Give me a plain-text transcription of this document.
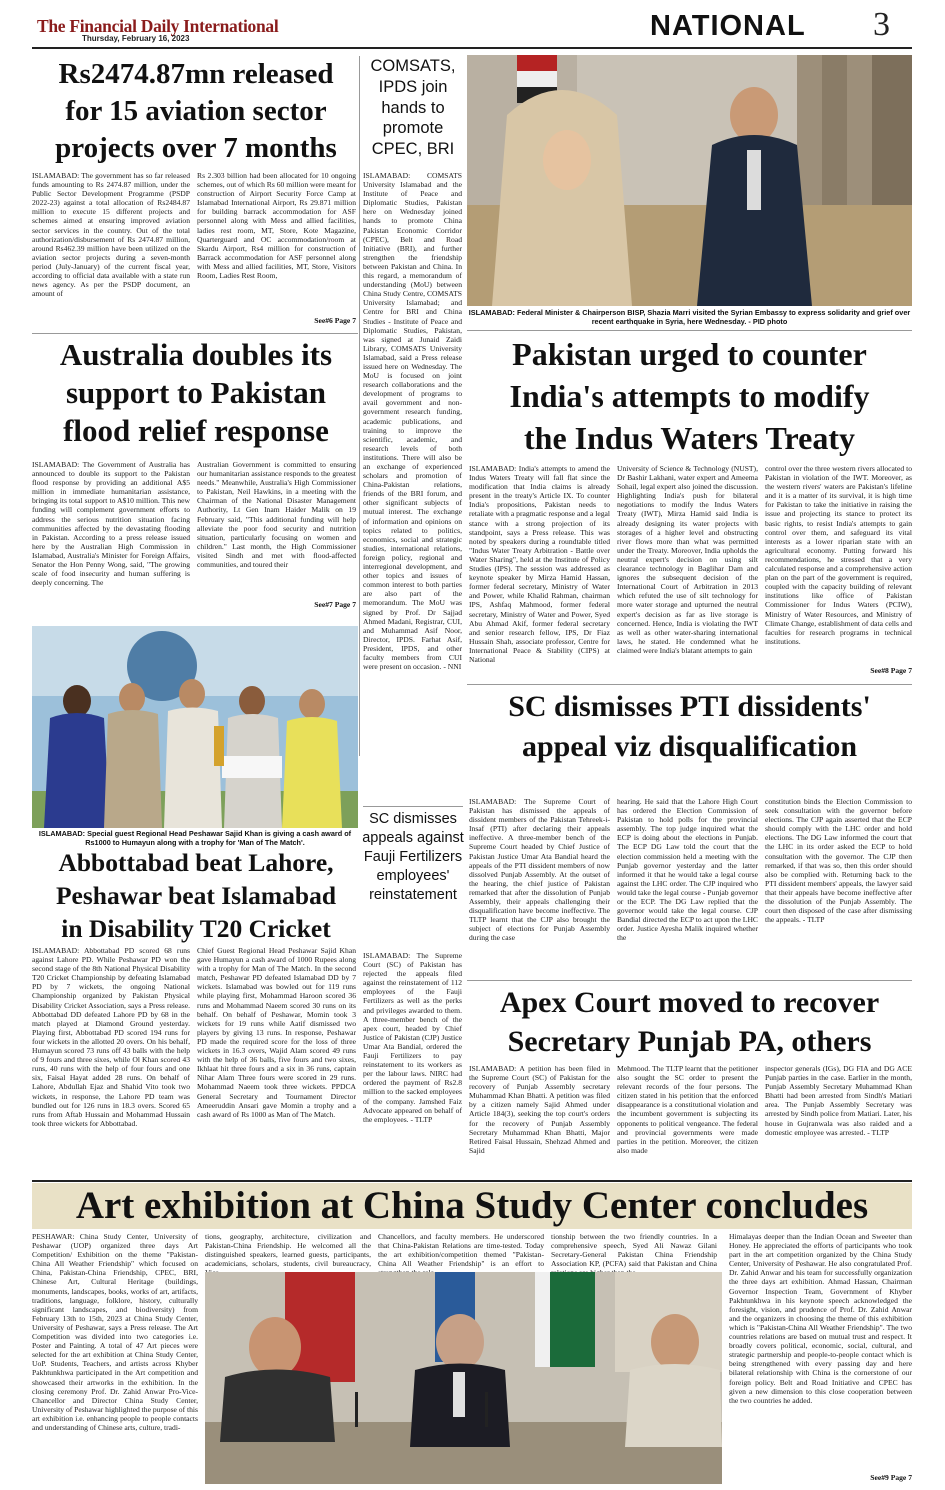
The Financial Daily International
Thursday, February 16, 2023	NATIONAL 3
Rs2474.87mn released
for 15 aviation sector
projects over 7 months
ISLAMABAD: The government has so far released funds amounting to Rs 2474.87 million, under the Public Sector Development Programme (PSDP 2022-23) against a total allocation of Rs2484.87 million to execute 15 different projects and schemes aimed at ensuring improved aviation sector services in the country. Out of the total authorization/disbursement of Rs 2474.87 million, around Rs462.39 million have been utilized on the aviation sector projects during a seven-month period (July-January) of the current fiscal year, according to official data available with a state run news agency. As per the PSDP document, an amount of
Rs 2.303 billion had been allocated for 10 ongoing schemes, out of which Rs 60 million were meant for construction of Airport Security Force Camp at Islamabad International Airport, Rs 29.871 million for building barrack accommodation for ASF personnel along with Mess and allied facilities, ladies rest room, MT, Store, Kote Magazine, Quarterguard and OC accommodation/room at Skardu Airport, Rs4 million for construction of Barrack accommodation for ASF personnel along with Mess and allied facilities, MT, Store, Visitors Room, Ladies Rest Room,
See#6 Page 7
COMSATS, IPDS join hands to promote CPEC, BRI
ISLAMABAD: COMSATS University Islamabad and the Institute of Peace and Diplomatic Studies, Pakistan here on Wednesday joined hands to promote China Pakistan Economic Corridor (CPEC), Belt and Road Initiative (BRI), and further strengthen the friendship between Pakistan and China. In this regard, a memorandum of understanding (MoU) between China Study Centre, COMSATS University Islamabad; and Centre for BRI and China Studies - Institute of Peace and Diplomatic Studies, Pakistan, was signed at Junaid Zaidi Library, COMSATS University Islamabad, said a Press release issued here on Wednesday. The MoU is focused on joint research collaborations and the development of programs to avail government and non-government research funding, academic publications, and training to improve the scientific, academic, and research levels of both institutions. There will also be an exchange of experienced scholars and promotion of China-Pakistan relations, friends of the BRI forum, and other significant subjects of mutual interest. The exchange of information and opinions on topics related to politics, economics, social and strategic studies, international relations, foreign policy, regional and interregional development, and other topics and issues of common interest to both parties are also part of the memorandum. The MoU was signed by Prof. Dr Sajjad Ahmed Madani, Registrar, CUI, and Muhammad Asif Noor, Director, IPDS. Farhat Asif, President, IPDS, and other faculty members from CUI were present on occasion. - NNI
ISLAMABAD: Federal Minister & Chairperson BISP, Shazia Marri visited the Syrian Embassy to express solidarity and grief over recent earthquake in Syria, here Wednesday. - PID photo
Australia doubles its
support to Pakistan
flood relief response
ISLAMABAD: The Government of Australia has announced to double its support to the Pakistan flood response by providing an additional A$5 million in immediate humanitarian assistance, bringing its total support to A$10 million. This new funding will complement government efforts to address the serious nutrition situation facing communities affected by the devastating flooding in Pakistan. According to a press release issued here by the Australian High Commission in Islamabad, Australia's Minister for Foreign Affairs, Senator the Hon Penny Wong, said, "The growing scale of food insecurity and human suffering is deeply concerning. The
Australian Government is committed to ensuring our humanitarian assistance responds to the greatest needs." Meanwhile, Australia's High Commissioner to Pakistan, Neil Hawkins, in a meeting with the Chairman of the National Disaster Management Authority, Lt Gen Inam Haider Malik on 19 February said, "This additional funding will help alleviate the poor food security and nutrition situation, particularly focusing on women and children." Last month, the High Commissioner visited Sindh and met with flood-affected communities, and toured their
See#7 Page 7
ISLAMABAD: Special guest Regional Head Peshawar Sajid Khan is giving a cash award of Rs1000 to Humayun along with a trophy for 'Man of The Match'.
Abbottabad beat Lahore,
Peshawar beat Islamabad
in Disability T20 Cricket
ISLAMABAD: Abbottabad PD scored 68 runs against Lahore PD. While Peshawar PD won the second stage of the 8th National Physical Disability T20 Cricket Championship by defeating Islamabad PD by 7 wickets, the ongoing National Championship organized by Pakistan Physical Disability Cricket Association, says a Press release. Abbottabad DD defeated Lahore PD by 68 in the match played at Diamond Ground yesterday. Playing first, Abbottabad PD scored 194 runs for four wickets in the allotted 20 overs. On his behalf, Humayun scored 73 runs off 43 balls with the help of 9 fours and three sixes, while Ol Khan scored 43 runs, 40 runs with the help of four fours and one six, Faisal Hayat added 28 runs. On behalf of Lahore, Abdullah Ejaz and Shahid Vito took two wickets, in response, the Lahore PD team was bundled out for 126 runs in 18.3 overs. Scored 65 runs from Aftab Hussain and Mohammad Hussain took three wickets for Abbottabad.
Chief Guest Regional Head Peshawar Sajid Khan gave Humayun a cash award of 1000 Rupees along with a trophy for Man of The Match. In the second match, Peshawar PD defeated Islamabad DD by 7 wickets. Islamabad was bowled out for 119 runs while playing first, Mohammad Haroon scored 36 runs and Mohammad Naeem scored 30 runs on its behalf. On behalf of Peshawar, Momin took 3 wickets for 19 runs while Aatif dismissed two players by giving 13 runs. In response, Peshawar PD made the required score for the loss of three wickets in 16.3 overs, Wajid Alam scored 49 runs with the help of 36 balls, five fours and two sixes, Ikhlaat hit three fours and a six in 36 runs, captain Nihar Alam Three fours were scored in 29 runs. Mohammad Naeem took three wickets. PPDCA General Secretary and Tournament Director Ameeruddin Ansari gave Momin a trophy and a cash award of Rs 1000 as Man of The Match.
SC dismisses appeals against Fauji Fertilizers employees' reinstatement
ISLAMABAD: The Supreme Court (SC) of Pakistan has rejected the appeals filed against the reinstatement of 112 employees of the Fauji Fertilizers as well as the perks and privileges awarded to them. A three-member bench of the apex court, headed by Chief Justice of Pakistan (CJP) Justice Umar Ata Bandial, ordered the Fauji Fertilizers to pay reinstatement to its workers as per the labour laws. NIRC had ordered the payment of Rs2.8 million to the sacked employees of the company. Jamshed Faiz Advocate appeared on behalf of the employees. - TLTP
Pakistan urged to counter
India's attempts to modify
the Indus Waters Treaty
ISLAMABAD: India's attempts to amend the Indus Waters Treaty will fall flat since the modification that India claims is already present in the treaty's Article IX. To counter India's propositions, Pakistan needs to retaliate with a pragmatic response and a legal stance with a strong projection of its standpoint, says a Press release. This was noted by speakers during a roundtable titled "Indus Water Treaty Arbitration - Battle over Water Sharing", held at the Institute of Policy Studies (IPS). The session was addressed as keynote speaker by Mirza Hamid Hassan, former federal secretary, Ministry of Water and Power, while Khalid Rahman, chairman IPS, Ashfaq Mahmood, former federal secretary, Ministry of Water and Power, Syed Abu Ahmad Akif, former federal secretary and senior research fellow, IPS, Dr Fiaz Hussain Shah, associate professor, Centre for International Peace & Stability (CIPS) at National
University of Science & Technology (NUST), Dr Bashir Lakhani, water expert and Ameema Sohail, legal expert also joined the discussion. Highlighting India's push for bilateral negotiations to modify the Indus Waters Treaty (IWT), Mirza Hamid said India is already designing its water projects with storages of a higher level and obstructing river flows more than what was permitted under the Treaty. Moreover, India upholds the neutral expert's decision on using silt clearance technology in Baglihar Dam and ignores the subsequent decision of the International Court of Arbitration in 2013 which refuted the use of silt technology for more water storage and upturned the neutral expert's decision as far as live storage is concerned. Hence, India is violating the IWT as well as other water-sharing international laws, he stated. He condemned what he claimed were India's blatant attempts to gain
control over the three western rivers allocated to Pakistan in violation of the IWT. Moreover, as the western rivers' waters are Pakistan's lifeline and it is a matter of its survival, it is high time for Pakistan to take the initiative in raising the issue and projecting its stance to protect its basic rights, to resist India's attempts to gain control over them, and safeguard its vital interests as a lower riparian state with an agricultural economy. Putting forward his recommendations, he stressed that a very calculated response and a comprehensive action plan on the part of the government is required, coupled with the capacity building of relevant institutions like office of Pakistan Commissioner for Indus Waters (PCIW), Ministry of Water Resources, and Ministry of Climate Change, establishment of data cells and faculties for research programs in technical institutions.
See#8 Page 7
SC dismisses PTI dissidents'
appeal viz disqualification
ISLAMABAD: The Supreme Court of Pakistan has dismissed the appeals of dissident members of the Pakistan Tehreek-i-Insaf (PTI) after declaring their appeals ineffective. A three-member bench of the Supreme Court headed by Chief Justice of Pakistan Justice Umar Ata Bandial heard the appeals of the PTI dissident members of now dissolved Punjab Assembly. At the outset of the hearing, the chief justice of Pakistan remarked that after the dissolution of Punjab Assembly, their appeals challenging their disqualification have become ineffective. The TLTP learnt that the CJP also brought the subject of elections for Punjab Assembly during the case
hearing. He said that the Lahore High Court has ordered the Election Commission of Pakistan to hold polls for the provincial assembly. The top judge inquired what the ECP is doing about the elections in Punjab. The ECP DG Law told the court that the election commission held a meeting with the Punjab governor yesterday and the latter informed it that he would take a legal course against the LHC order. The CJP inquired who would take the legal course - Punjab governor or the ECP. The DG Law replied that the governor would take the legal course. CJP Bandial directed the ECP to act upon the LHC order. Justice Ayesha Malik inquired whether the
constitution binds the Election Commission to seek consultation with the governor before elections. The CJP again asserted that the ECP should comply with the LHC order and hold elections. The DG Law informed the court that the LHC in its order asked the ECP to hold consultation with the governor. The CJP then remarked, if that was so, then this order should also be complied with. Returning back to the PTI dissident members' appeals, the lawyer said that their appeals have become ineffective after the dissolution of the Punjab Assembly. The court then disposed of the case after dismissing the appeals. - TLTP
Apex Court moved to recover
Secretary Punjab PA, others
ISLAMABAD: A petition has been filed in the Supreme Court (SC) of Pakistan for the recovery of Punjab Assembly secretary Muhammad Khan Bhatti. A petition was filed by a citizen namely Sajid Ahmed under Article 184(3), seeking the top court's orders for the recovery of Punjab Assembly Secretary Muhammad Khan Bhatti, Major Retired Faisal Hussain, Shehzad Ahmed and Sajid
Mehmood. The TLTP learnt that the petitioner also sought the SC order to present the relevant records of the four persons. The citizen stated in his petition that the enforced disappearance is a constitutional violation and the incumbent government is subjecting its opponents to political vengeance. The federal and provincial governments were made parties in the petition. Moreover, the citizen also made
inspector generals (IGs), DG FIA and DG ACE Punjab parties in the case. Earlier in the month, Punjab Assembly Secretary Muhammad Khan Bhatti had been arrested from Sindh's Matiari area. The Punjab Assembly Secretary was arrested by Sindh police from Matiari. Later, his house in Gujranwala was also raided and a domestic employee was arrested. - TLTP
Art exhibition at China Study Center concludes
PESHAWAR: China Study Center, University of Peshawar (UOP) organized three days Art Competition/ Exhibition on the theme "Pakistan-China All Weather Friendship" which focused on China, Pakistan-China Friendship, CPEC, BRI, Chinese Art, Cultural Heritage (buildings, monuments, landscapes, books, works of art, artifacts, traditions, language, folklore, history, culturally significant landscapes, and biodiversity) from February 13th to 15th, 2023 at China Study Center, University of Peshawar, says a Press release. The Art Competition was divided into two categories i.e. Poster and Painting. A total of 47 Art pieces were selected for the art exhibition at China Study Center, UoP. Students, Teachers, and artists across Khyber Pakhtunkhwa participated in the Art competition and showcased their artworks in the exhibition. In the closing ceremony Prof. Dr. Zahid Anwar Pro-Vice-Chancellor and Director China Study Center, University of Peshawar highlighted the purpose of this art exhibition i.e. enhancing people to people contacts and understanding of Chinese arts, culture, tradi-
tions, geography, architecture, civilization and Pakistan-China Friendship. He welcomed all the distinguished speakers, learned guests, participants, academicians, scholars, students, civil bureaucracy,
Chancellors, and faculty members. He underscored that China-Pakistan Relations are time-tested. Today the art exhibition/competition themed "Pakistan- China All Weather Friendship" is an effort to
tionship between the two friendly countries. In a comprehensive speech, Syed Ali Nawaz Gilani Secretary-General Pakistan China Friendship Association KP, (PCFA) said that Pakistan and China
Himalayas deeper than the Indian Ocean and Sweeter than Honey. He appreciated the efforts of participants who took part in the art competition organized by the China Study Center, University of Peshawar. He also congratulated Prof. Dr. Zahid Anwar and his team for successfully organization the three days art exhibition. Ahmad Hassan, Chairman Governor Inspection Team, Government of Khyber Pakhtunkhwa in his keynote speech acknowledged the foresight, vision, and prudence of Prof. Dr. Zahid Anwar and the organizers in choosing the theme of this exhibition which is "Pakistan-China All Weather Friendship". The two countries relations are based on mutual trust and respect. It broadly covers political, economic, social, cultural, and strategic partnership and people-to-people contact which is being strengthened with every passing day and here bilateral relationship with China is the cornerstone of our foreign policy. Belt and Road Initiative and CPEC has given a new dimension to this close cooperation between the two countries he added.
See#9 Page 7
